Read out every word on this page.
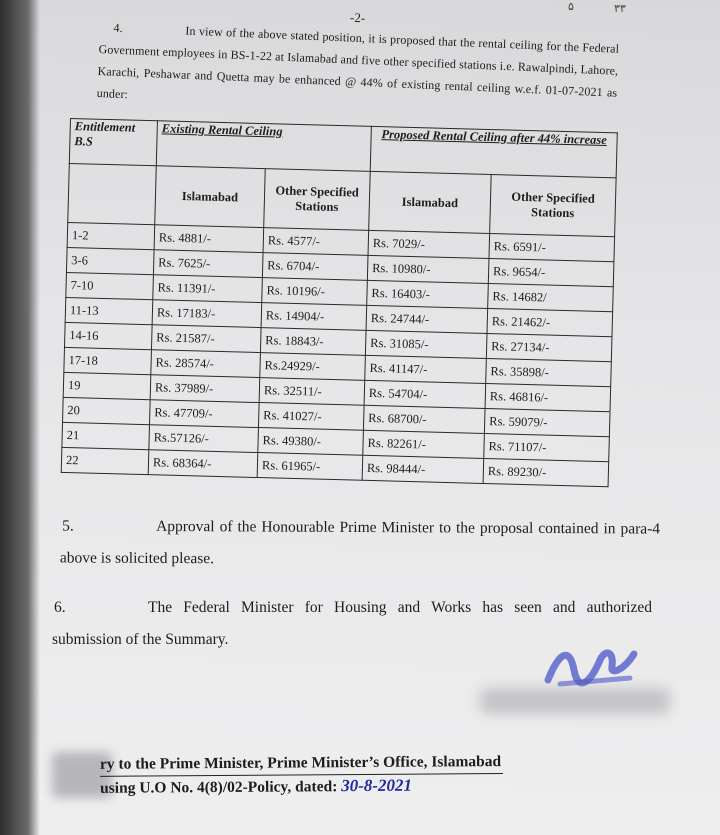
۵	۳۳
-2-
4.	In view of the above stated position, it is proposed that the rental ceiling for the Federal Government employees in BS-1-22 at Islamabad and five other specified stations i.e. Rawalpindi, Lahore, Karachi, Peshawar and Quetta may be enhanced @ 44% of existing rental ceiling w.e.f. 01-07-2021 as under:

Entitlement B.S	Existing Rental Ceiling		Proposed Rental Ceiling after 44% increase	
	Islamabad	Other Specified Stations	Islamabad	Other Specified Stations
1-2	Rs. 4881/-	Rs. 4577/-	Rs. 7029/-	Rs. 6591/-
3-6	Rs. 7625/-	Rs. 6704/-	Rs. 10980/-	Rs. 9654/-
7-10	Rs. 11391/-	Rs. 10196/-	Rs. 16403/-	Rs. 14682/
11-13	Rs. 17183/-	Rs. 14904/-	Rs. 24744/-	Rs. 21462/-
14-16	Rs. 21587/-	Rs. 18843/-	Rs. 31085/-	Rs. 27134/-
17-18	Rs. 28574/-	Rs.24929/-	Rs. 41147/-	Rs. 35898/-
19	Rs. 37989/-	Rs. 32511/-	Rs. 54704/-	Rs. 46816/-
20	Rs. 47709/-	Rs. 41027/-	Rs. 68700/-	Rs. 59079/-
21	Rs.57126/-	Rs. 49380/-	Rs. 82261/-	Rs. 71107/-
22	Rs. 68364/-	Rs. 61965/-	Rs. 98444/-	Rs. 89230/-
5.	Approval of the Honourable Prime Minister to the proposal contained in para-4 above is solicited please.

6.	The Federal Minister for Housing and Works has seen and authorized submission of the Summary.

ry to the Prime Minister, Prime Minister’s Office, Islamabad
using U.O No. 4(8)/02-Policy, dated: 30-8-2021
